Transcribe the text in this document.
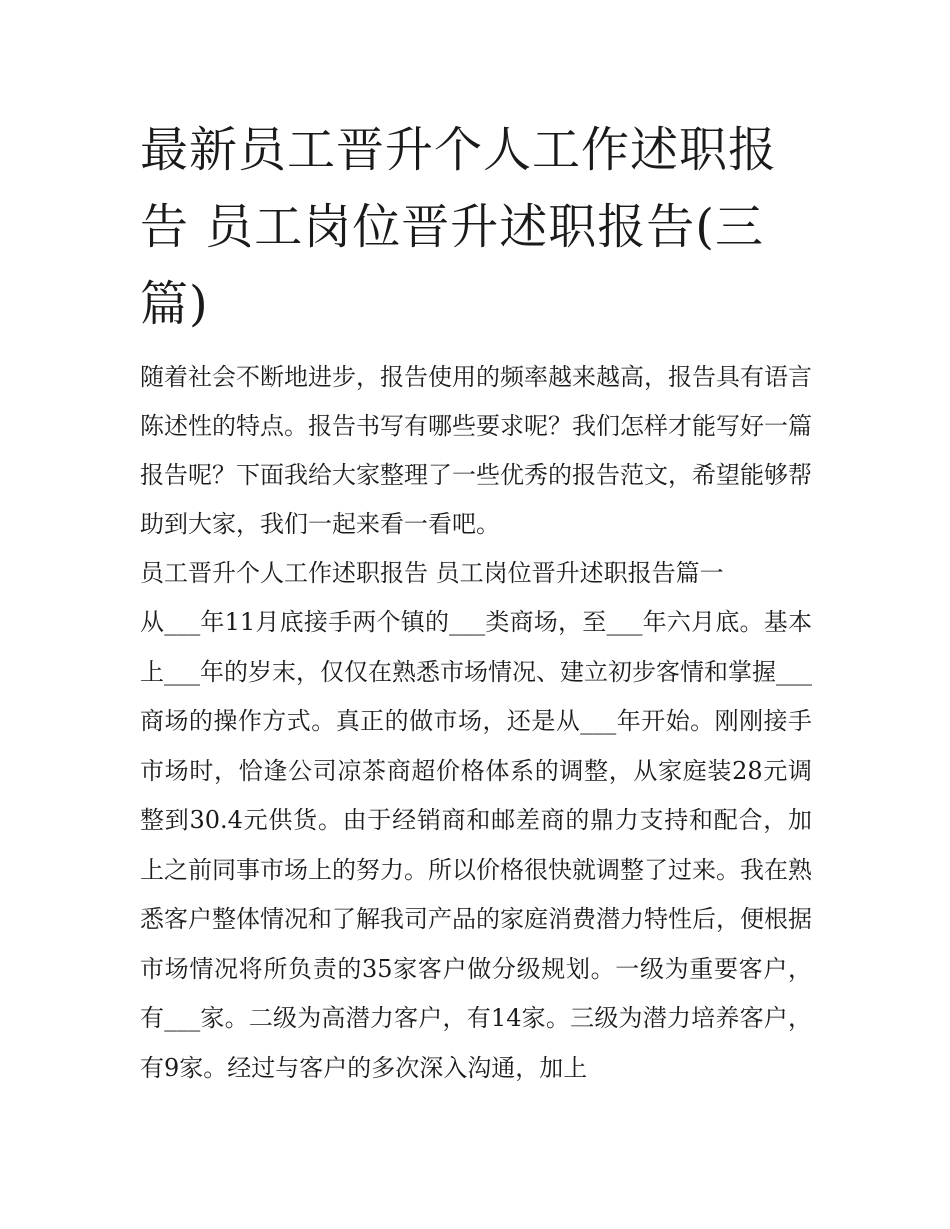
最新员工晋升个人工作述职报告 员工岗位晋升述职报告(三篇)

随着社会不断地进步，报告使用的频率越来越高，报告具有语言陈述性的特点。报告书写有哪些要求呢？我们怎样才能写好一篇报告呢？下面我给大家整理了一些优秀的报告范文，希望能够帮助到大家，我们一起来看一看吧。

员工晋升个人工作述职报告 员工岗位晋升述职报告篇一

从___年11月底接手两个镇的___类商场，至___年六月底。基本上___年的岁末，仅仅在熟悉市场情况、建立初步客情和掌握___商场的操作方式。真正的做市场，还是从___年开始。刚刚接手市场时，恰逢公司凉茶商超价格体系的调整，从家庭装28元调整到30.4元供货。由于经销商和邮差商的鼎力支持和配合，加上之前同事市场上的努力。所以价格很快就调整了过来。我在熟悉客户整体情况和了解我司产品的家庭消费潜力特性后，便根据市场情况将所负责的35家客户做分级规划。一级为重要客户，有___家。二级为高潜力客户，有14家。三级为潜力培养客户，有9家。经过与客户的多次深入沟通，加上
